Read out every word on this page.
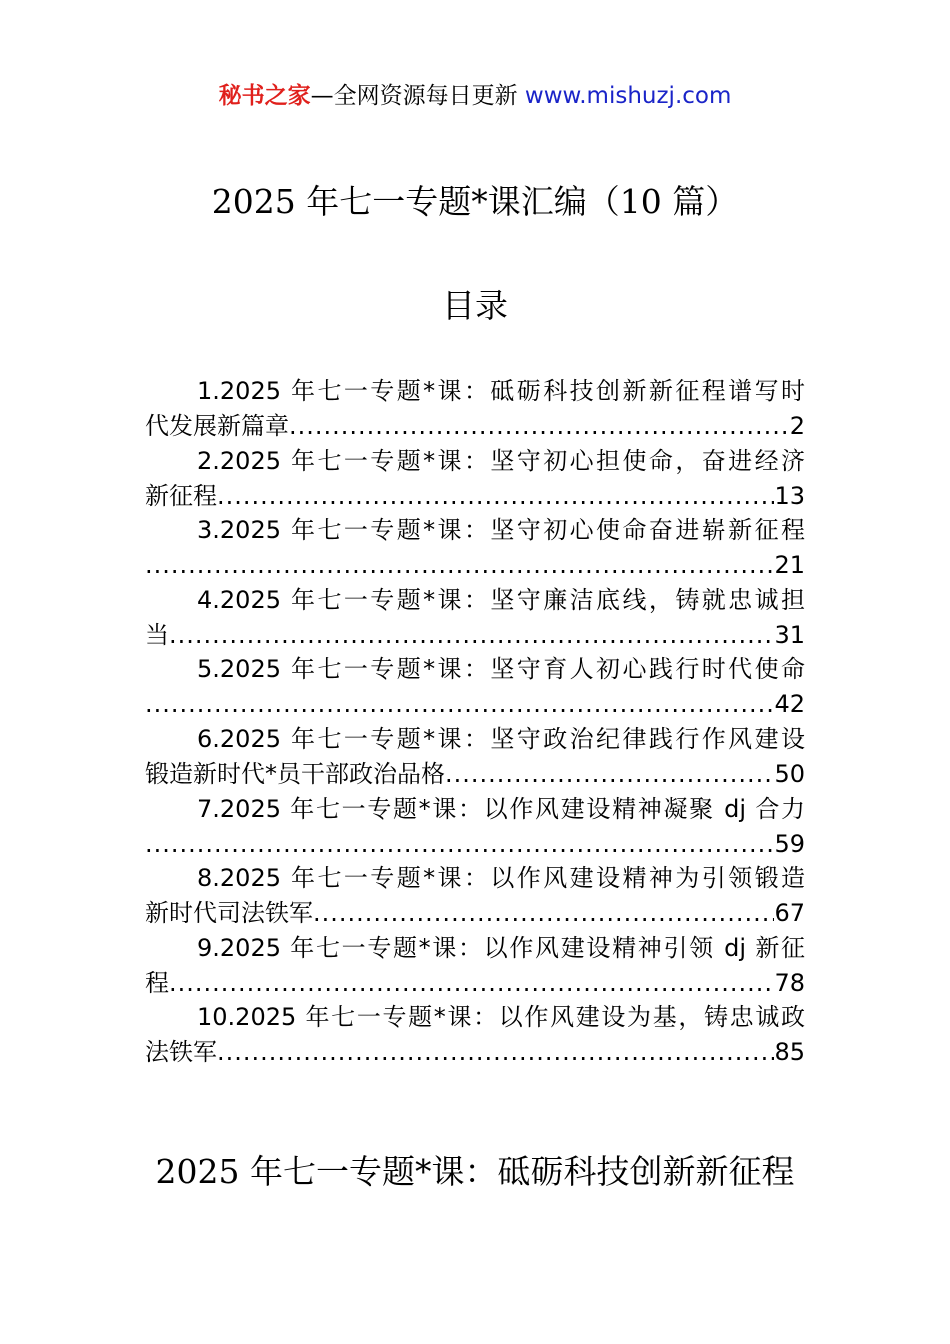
秘书之家—全网资源每日更新 www.mishuzj.com
2025 年七一专题*课汇编（10 篇）
目录
1.2025 年七一专题*课：砥砺科技创新新征程谱写时
代发展新篇章 .....	2
2.2025 年七一专题*课：坚守初心担使命，奋进经济
新征程 .....	13
3.2025 年七一专题*课：坚守初心使命奋进崭新征程
.....
21
4.2025 年七一专题*课：坚守廉洁底线，铸就忠诚担
当 .....	31
5.2025 年七一专题*课：坚守育人初心践行时代使命
.....
42
6.2025 年七一专题*课：坚守政治纪律践行作风建设
锻造新时代*员干部政治品格 .....	50
7.2025 年七一专题*课：以作风建设精神凝聚 dj 合力
.....
59
8.2025 年七一专题*课：以作风建设精神为引领锻造
新时代司法铁军 .....	67
9.2025 年七一专题*课：以作风建设精神引领 dj 新征
程 .....	78
10.2025 年七一专题*课：以作风建设为基，铸忠诚政
法铁军 .....	85
2025 年七一专题*课：砥砺科技创新新征程
